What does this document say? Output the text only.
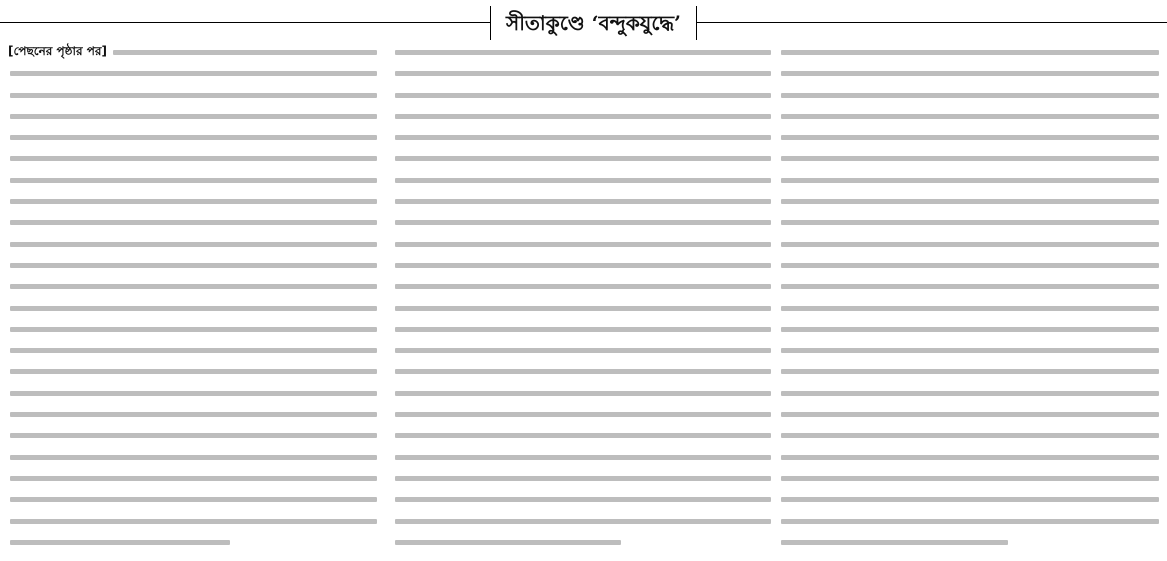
সীতাকুণ্ডে ‘বন্দুকযুদ্ধে’
[পেছনের পৃষ্ঠার পর]
